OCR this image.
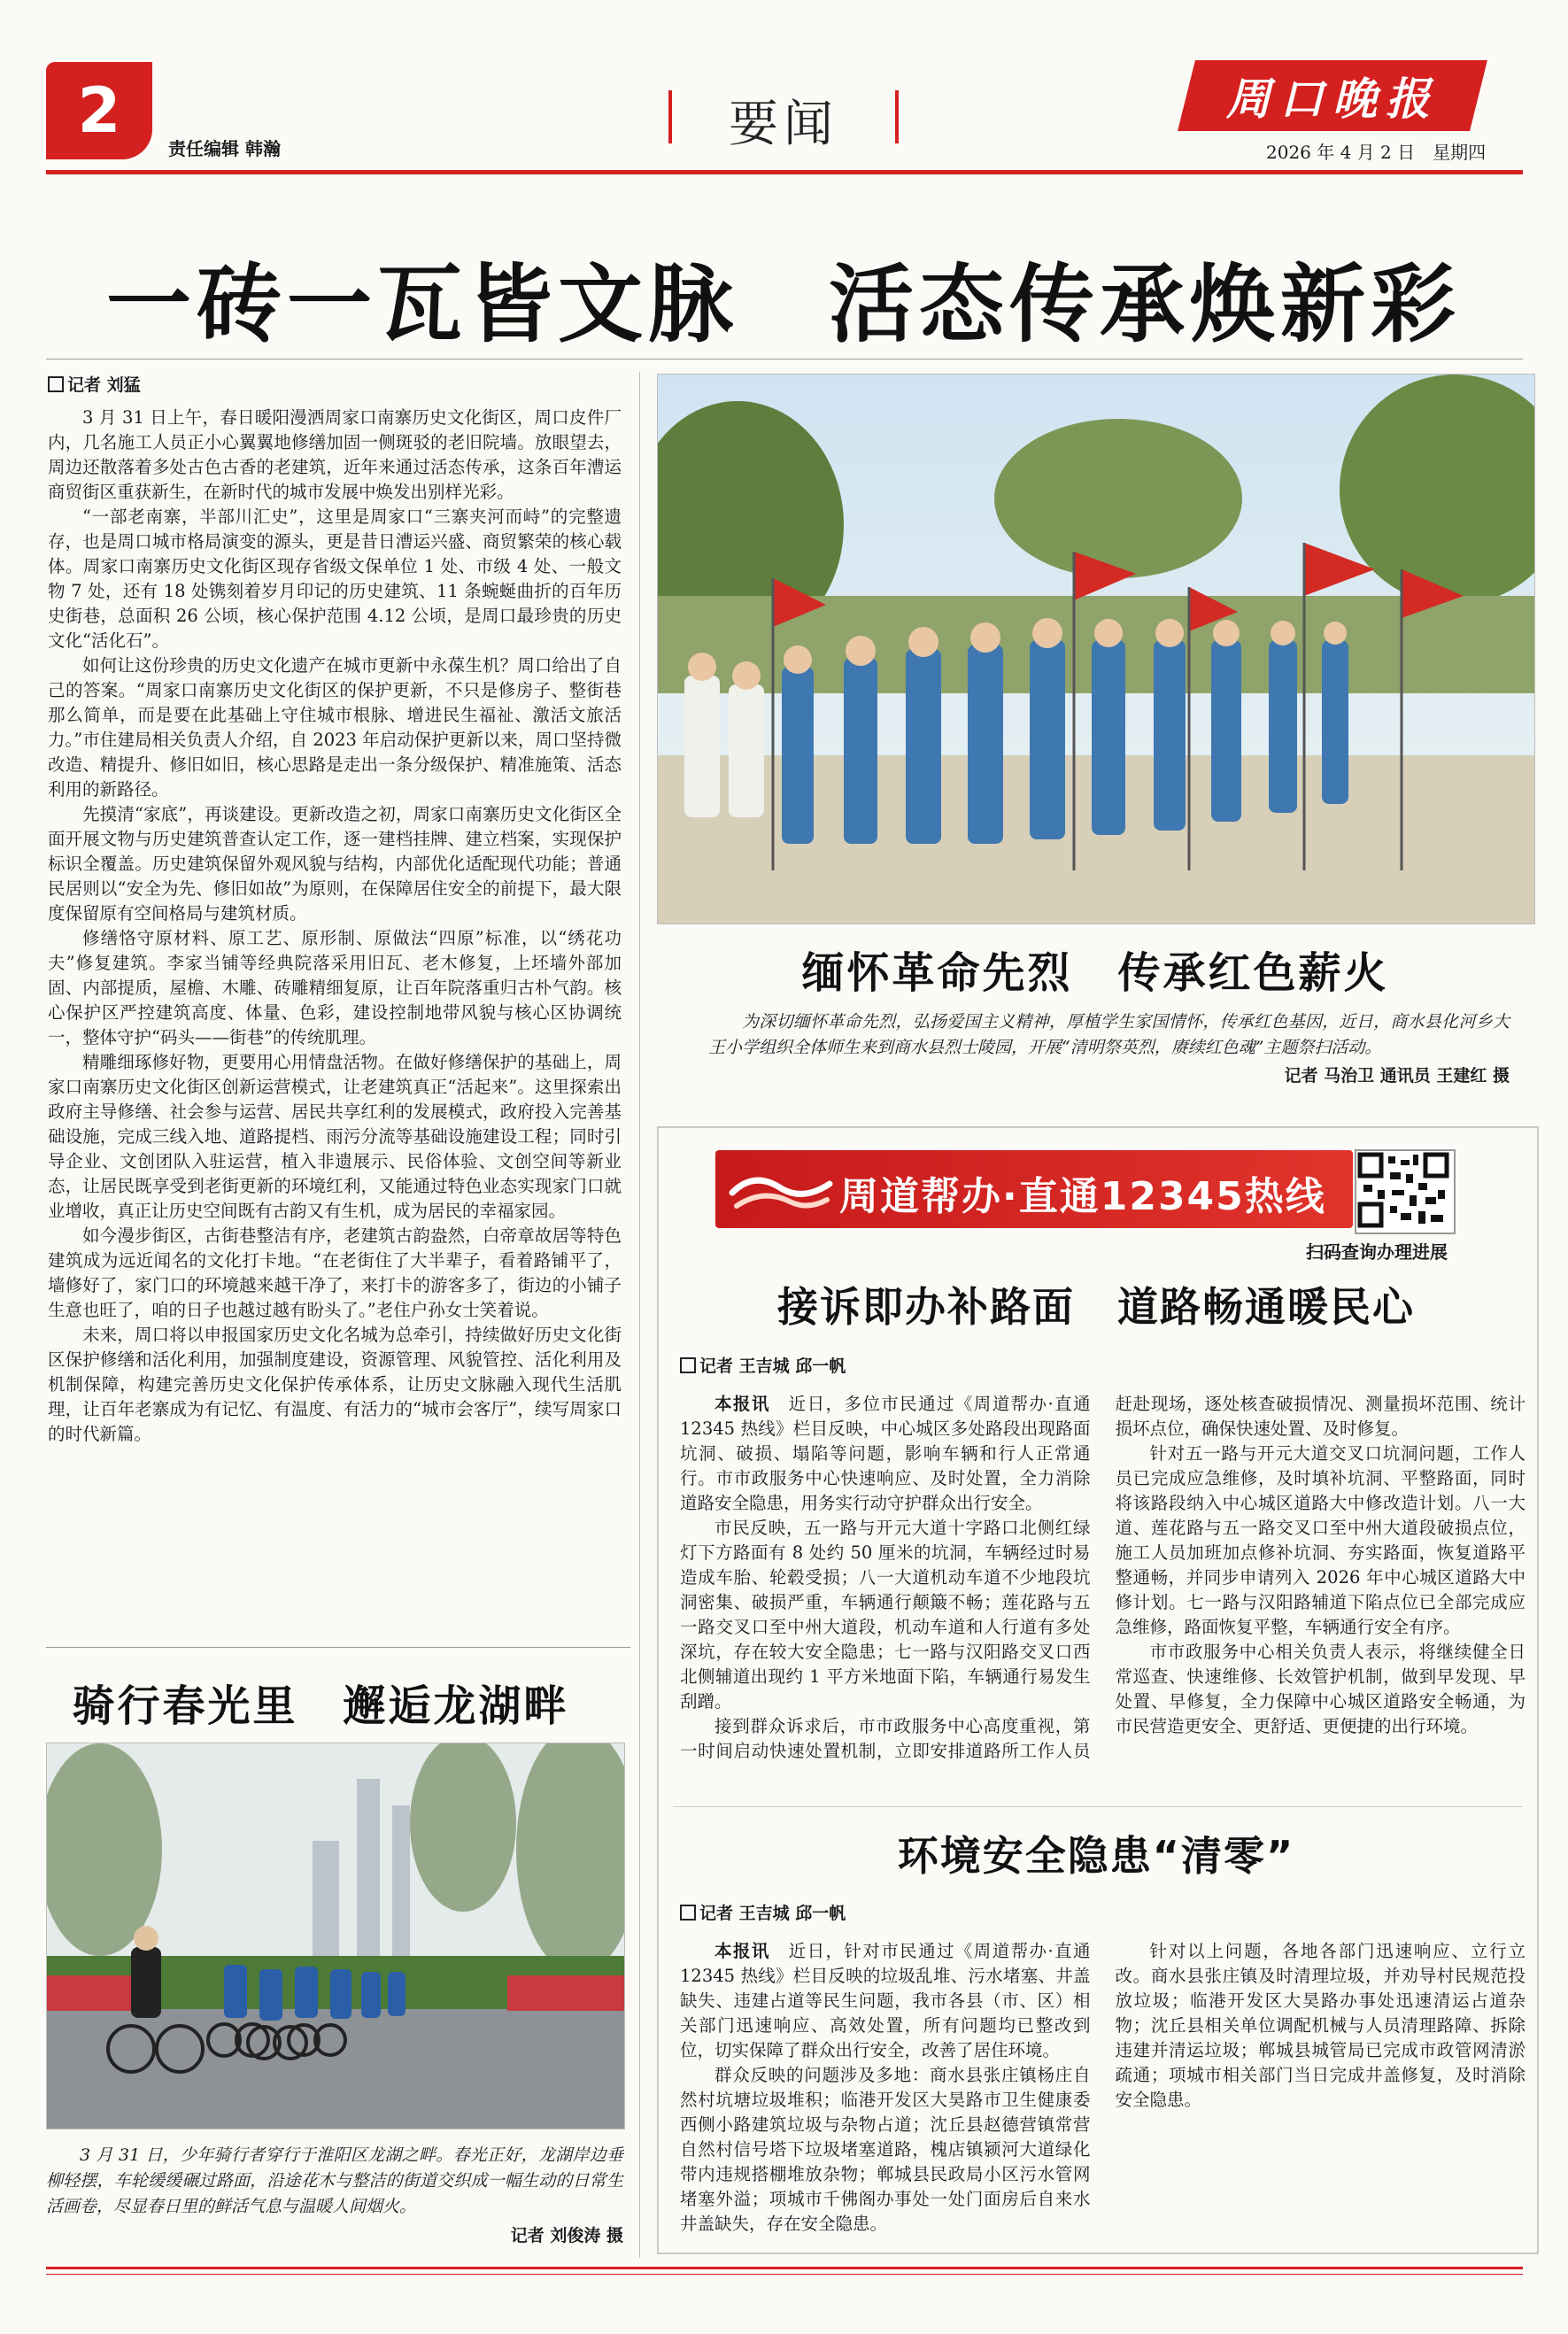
2
责任编辑 韩瀚	要闻	周口晚报
2026 年 4 月 2 日　星期四
一砖一瓦皆文脉　活态传承焕新彩
记者 刘猛

3 月 31 日上午，春日暖阳漫洒周家口南寨历史文化街区，周口皮件厂内，几名施工人员正小心翼翼地修缮加固一侧斑驳的老旧院墙。放眼望去，周边还散落着多处古色古香的老建筑，近年来通过活态传承，这条百年漕运商贸街区重获新生，在新时代的城市发展中焕发出别样光彩。

“一部老南寨，半部川汇史”，这里是周家口“三寨夹河而峙”的完整遗存，也是周口城市格局演变的源头，更是昔日漕运兴盛、商贸繁荣的核心载体。周家口南寨历史文化街区现存省级文保单位 1 处、市级 4 处、一般文物 7 处，还有 18 处镌刻着岁月印记的历史建筑、11 条蜿蜒曲折的百年历史街巷，总面积 26 公顷，核心保护范围 4.12 公顷，是周口最珍贵的历史文化“活化石”。

如何让这份珍贵的历史文化遗产在城市更新中永葆生机？周口给出了自己的答案。“周家口南寨历史文化街区的保护更新，不只是修房子、整街巷那么简单，而是要在此基础上守住城市根脉、增进民生福祉、激活文旅活力。”市住建局相关负责人介绍，自 2023 年启动保护更新以来，周口坚持微改造、精提升、修旧如旧，核心思路是走出一条分级保护、精准施策、活态利用的新路径。

先摸清“家底”，再谈建设。更新改造之初，周家口南寨历史文化街区全面开展文物与历史建筑普查认定工作，逐一建档挂牌、建立档案，实现保护标识全覆盖。历史建筑保留外观风貌与结构，内部优化适配现代功能；普通民居则以“安全为先、修旧如故”为原则，在保障居住安全的前提下，最大限度保留原有空间格局与建筑材质。

修缮恪守原材料、原工艺、原形制、原做法“四原”标准，以“绣花功夫”修复建筑。李家当铺等经典院落采用旧瓦、老木修复，上坯墙外部加固、内部提质，屋檐、木雕、砖雕精细复原，让百年院落重归古朴气韵。核心保护区严控建筑高度、体量、色彩，建设控制地带风貌与核心区协调统一，整体守护“码头——街巷”的传统肌理。

精雕细琢修好物，更要用心用情盘活物。在做好修缮保护的基础上，周家口南寨历史文化街区创新运营模式，让老建筑真正“活起来”。这里探索出政府主导修缮、社会参与运营、居民共享红利的发展模式，政府投入完善基础设施，完成三线入地、道路提档、雨污分流等基础设施建设工程；同时引导企业、文创团队入驻运营，植入非遗展示、民俗体验、文创空间等新业态，让居民既享受到老街更新的环境红利，又能通过特色业态实现家门口就业增收，真正让历史空间既有古韵又有生机，成为居民的幸福家园。

如今漫步街区，古街巷整洁有序，老建筑古韵盎然，白帝章故居等特色建筑成为远近闻名的文化打卡地。“在老街住了大半辈子，看着路铺平了，墙修好了，家门口的环境越来越干净了，来打卡的游客多了，街边的小铺子生意也旺了，咱的日子也越过越有盼头了。”老住户孙女士笑着说。

未来，周口将以申报国家历史文化名城为总牵引，持续做好历史文化街区保护修缮和活化利用，加强制度建设，资源管理、风貌管控、活化利用及机制保障，构建完善历史文化保护传承体系，让历史文脉融入现代生活肌理，让百年老寨成为有记忆、有温度、有活力的“城市会客厅”，续写周家口的时代新篇。

缅怀革命先烈　传承红色薪火
为深切缅怀革命先烈，弘扬爱国主义精神，厚植学生家国情怀，传承红色基因，近日，商水县化河乡大王小学组织全体师生来到商水县烈士陵园，开展“清明祭英烈，赓续红色魂”主题祭扫活动。
记者 马治卫 通讯员 王建红 摄
周道帮办·直通12345热线
扫码查询办理进展
接诉即办补路面　道路畅通暖民心
记者 王吉城 邱一帆

本报讯　 近日，多位市民通过《周道帮办·直通 12345 热线》栏目反映，中心城区多处路段出现路面坑洞、破损、塌陷等问题，影响车辆和行人正常通行。市市政服务中心快速响应、及时处置，全力消除道路安全隐患，用务实行动守护群众出行安全。

市民反映，五一路与开元大道十字路口北侧红绿灯下方路面有 8 处约 50 厘米的坑洞，车辆经过时易造成车胎、轮毂受损；八一大道机动车道不少地段坑洞密集、破损严重，车辆通行颠簸不畅；莲花路与五一路交叉口至中州大道段，机动车道和人行道有多处深坑，存在较大安全隐患；七一路与汉阳路交叉口西北侧辅道出现约 1 平方米地面下陷，车辆通行易发生刮蹭。

接到群众诉求后，市市政服务中心高度重视，第一时间启动快速处置机制，立即安排道路所工作人员赶赴现场，逐处核查破损情况、测量损坏范围、统计损坏点位，确保快速处置、及时修复。

针对五一路与开元大道交叉口坑洞问题，工作人员已完成应急维修，及时填补坑洞、平整路面，同时将该路段纳入中心城区道路大中修改造计划。八一大道、莲花路与五一路交叉口至中州大道段破损点位，施工人员加班加点修补坑洞、夯实路面，恢复道路平整通畅，并同步申请列入 2026 年中心城区道路大中修计划。七一路与汉阳路辅道下陷点位已全部完成应急维修，路面恢复平整，车辆通行安全有序。

市市政服务中心相关负责人表示，将继续健全日常巡查、快速维修、长效管护机制，做到早发现、早处置、早修复，全力保障中心城区道路安全畅通，为市民营造更安全、更舒适、更便捷的出行环境。

环境安全隐患“清零”
记者 王吉城 邱一帆

本报讯　 近日，针对市民通过《周道帮办·直通 12345 热线》栏目反映的垃圾乱堆、污水堵塞、井盖缺失、违建占道等民生问题，我市各县（市、区）相关部门迅速响应、高效处置，所有问题均已整改到位，切实保障了群众出行安全，改善了居住环境。

群众反映的问题涉及多地：商水县张庄镇杨庄自然村坑塘垃圾堆积；临港开发区大昊路市卫生健康委西侧小路建筑垃圾与杂物占道；沈丘县赵德营镇常营自然村信号塔下垃圾堵塞道路，槐店镇颍河大道绿化带内违规搭棚堆放杂物；郸城县民政局小区污水管网堵塞外溢；项城市千佛阁办事处一处门面房后自来水井盖缺失，存在安全隐患。

针对以上问题，各地各部门迅速响应、立行立改。商水县张庄镇及时清理垃圾，并劝导村民规范投放垃圾；临港开发区大昊路办事处迅速清运占道杂物；沈丘县相关单位调配机械与人员清理路障、拆除违建并清运垃圾；郸城县城管局已完成市政管网清淤疏通；项城市相关部门当日完成井盖修复，及时消除安全隐患。

骑行春光里　邂逅龙湖畔
3 月 31 日，少年骑行者穿行于淮阳区龙湖之畔。春光正好，龙湖岸边垂柳轻摆，车轮缓缓碾过路面，沿途花木与整洁的街道交织成一幅生动的日常生活画卷，尽显春日里的鲜活气息与温暖人间烟火。
记者 刘俊涛 摄
